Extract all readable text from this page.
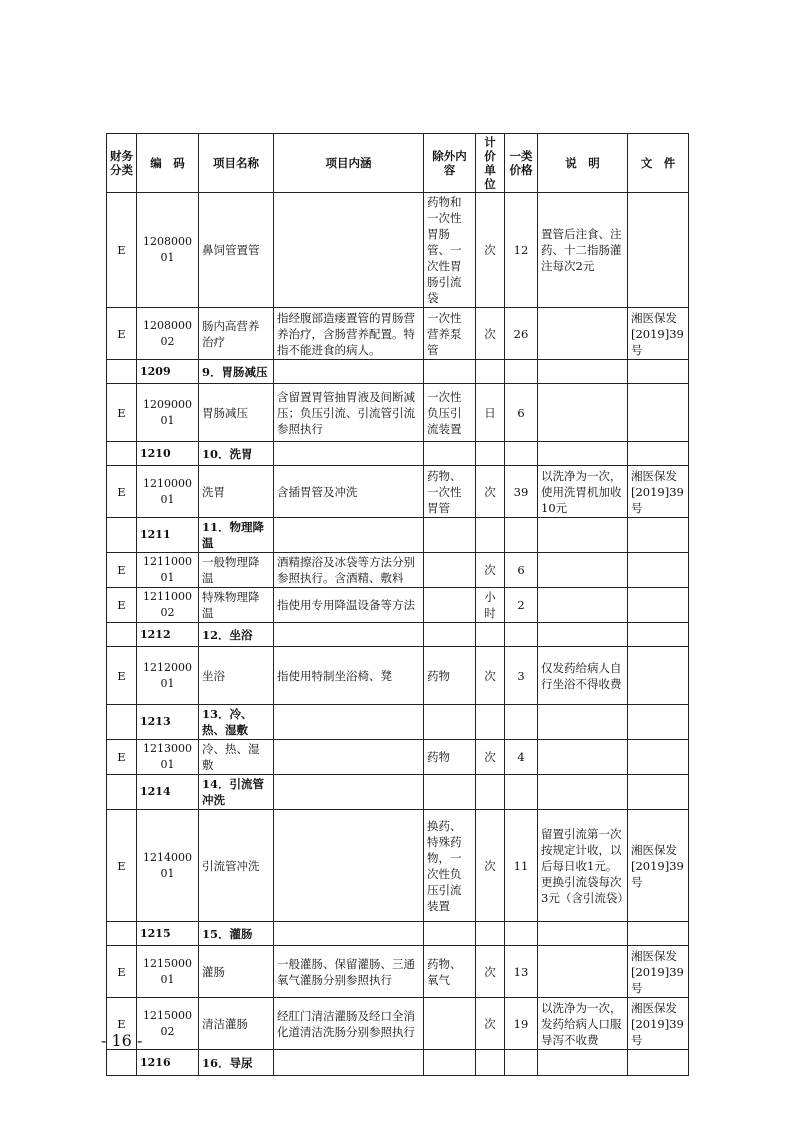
财务分类	编　码	项目名称	项目内涵	除外内容	计价单位	一类价格	说　明	文　件
E	120800001	鼻饲管置管		药物和一次性胃肠管、一次性胃肠引流袋	次	12	置管后注食、注药、十二指肠灌注每次2元	
E	120800002	肠内高营养治疗	指经腹部造瘘置管的胃肠营养治疗，含肠营养配置。特指不能进食的病人。	一次性营养泵管	次	26		湘医保发[2019]39号
	1209	9．胃肠减压						
E	120900001	胃肠减压	含留置胃管抽胃液及间断减压；负压引流、引流管引流参照执行	一次性负压引流装置	日	6		
	1210	10．洗胃						
E	121000001	洗胃	含插胃管及冲洗	药物、一次性胃管	次	39	以洗净为一次，使用洗胃机加收10元	湘医保发[2019]39号
	1211	11．物理降温						
E	121100001	一般物理降温	酒精擦浴及冰袋等方法分别参照执行。含酒精、敷料		次	6		
E	121100002	特殊物理降温	指使用专用降温设备等方法		小时	2		
	1212	12．坐浴						
E	121200001	坐浴	指使用特制坐浴椅、凳	药物	次	3	仅发药给病人自行坐浴不得收费	
	1213	13．冷、热、湿敷						
E	121300001	冷、热、湿敷		药物	次	4		
	1214	14．引流管冲洗						
E	121400001	引流管冲洗		换药、特殊药物，一次性负压引流装置	次	11	留置引流第一次按规定计收，以后每日收1元。更换引流袋每次3元（含引流袋）	湘医保发[2019]39号
	1215	15．灌肠						
E	121500001	灌肠	一般灌肠、保留灌肠、三通氧气灌肠分别参照执行	药物、氧气	次	13		湘医保发[2019]39号
E	121500002	清洁灌肠	经肛门清洁灌肠及经口全消化道清洁洗肠分别参照执行		次	19	以洗净为一次，发药给病人口服导泻不收费	湘医保发[2019]39号
	1216	16．导尿						
- 16 -
